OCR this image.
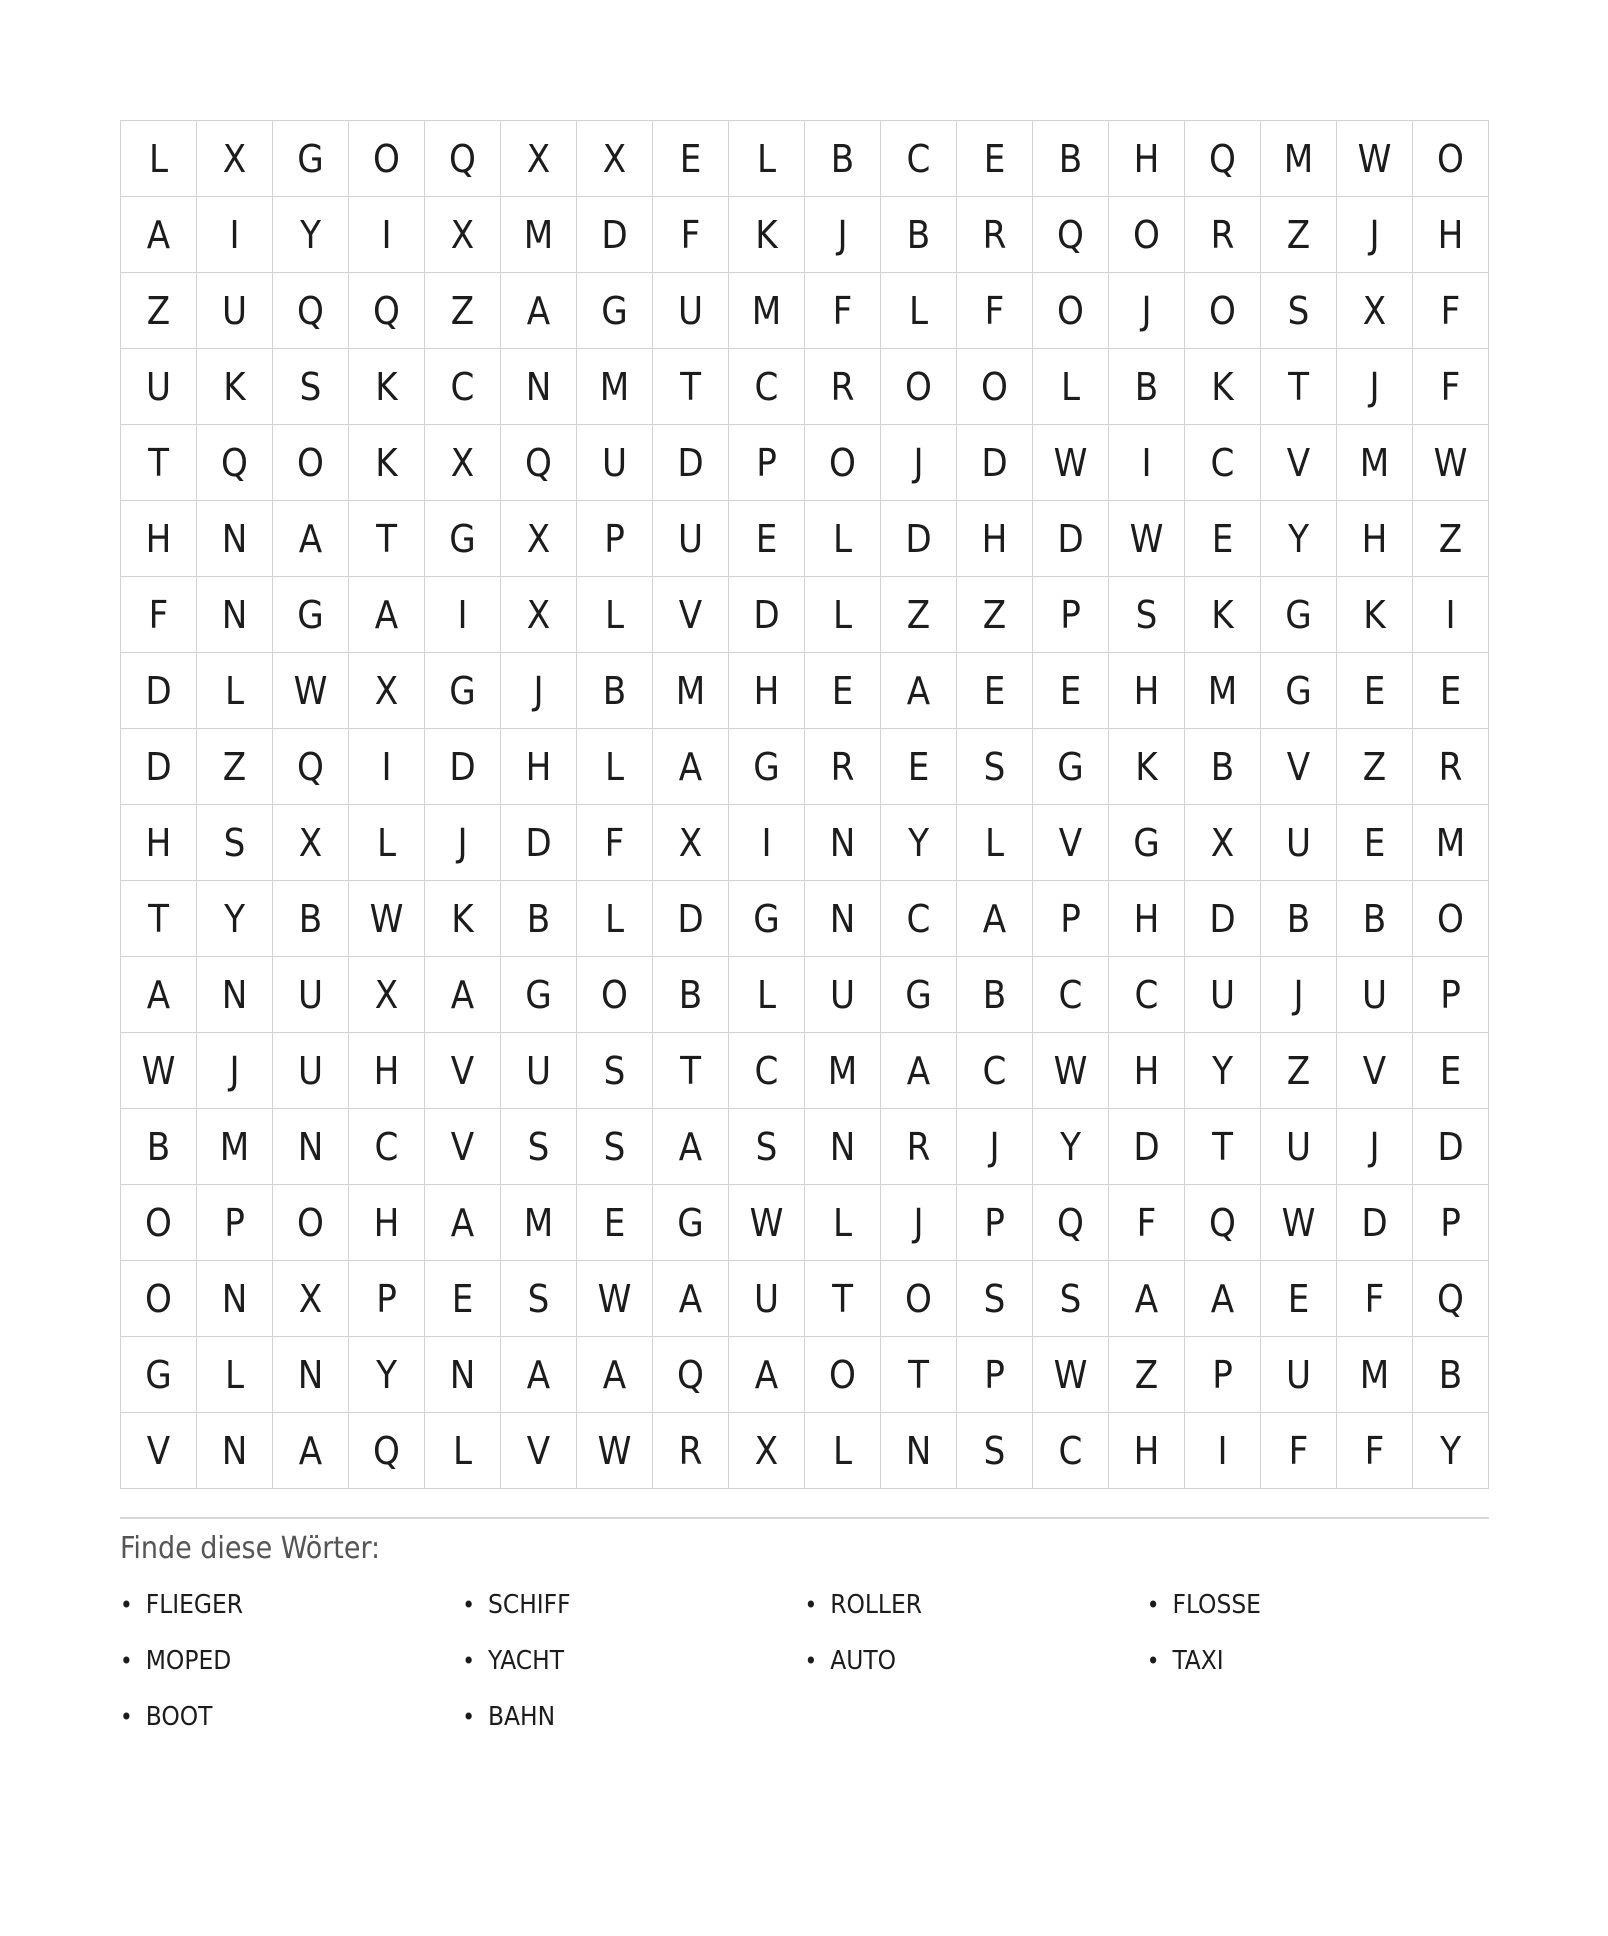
L	X	G	O	Q	X	X	E	L	B	C	E	B	H	Q	M	W	O
A	I	Y	I	X	M	D	F	K	J	B	R	Q	O	R	Z	J	H
Z	U	Q	Q	Z	A	G	U	M	F	L	F	O	J	O	S	X	F
U	K	S	K	C	N	M	T	C	R	O	O	L	B	K	T	J	F
T	Q	O	K	X	Q	U	D	P	O	J	D	W	I	C	V	M	W
H	N	A	T	G	X	P	U	E	L	D	H	D	W	E	Y	H	Z
F	N	G	A	I	X	L	V	D	L	Z	Z	P	S	K	G	K	I
D	L	W	X	G	J	B	M	H	E	A	E	E	H	M	G	E	E
D	Z	Q	I	D	H	L	A	G	R	E	S	G	K	B	V	Z	R
H	S	X	L	J	D	F	X	I	N	Y	L	V	G	X	U	E	M
T	Y	B	W	K	B	L	D	G	N	C	A	P	H	D	B	B	O
A	N	U	X	A	G	O	B	L	U	G	B	C	C	U	J	U	P
W	J	U	H	V	U	S	T	C	M	A	C	W	H	Y	Z	V	E
B	M	N	C	V	S	S	A	S	N	R	J	Y	D	T	U	J	D
O	P	O	H	A	M	E	G	W	L	J	P	Q	F	Q	W	D	P
O	N	X	P	E	S	W	A	U	T	O	S	S	A	A	E	F	Q
G	L	N	Y	N	A	A	Q	A	O	T	P	W	Z	P	U	M	B
V	N	A	Q	L	V	W	R	X	L	N	S	C	H	I	F	F	Y
Finde diese Wörter:
• FLIEGER	• SCHIFF	• ROLLER	• FLOSSE
• MOPED	• YACHT	• AUTO	• TAXI
• BOOT	• BAHN
